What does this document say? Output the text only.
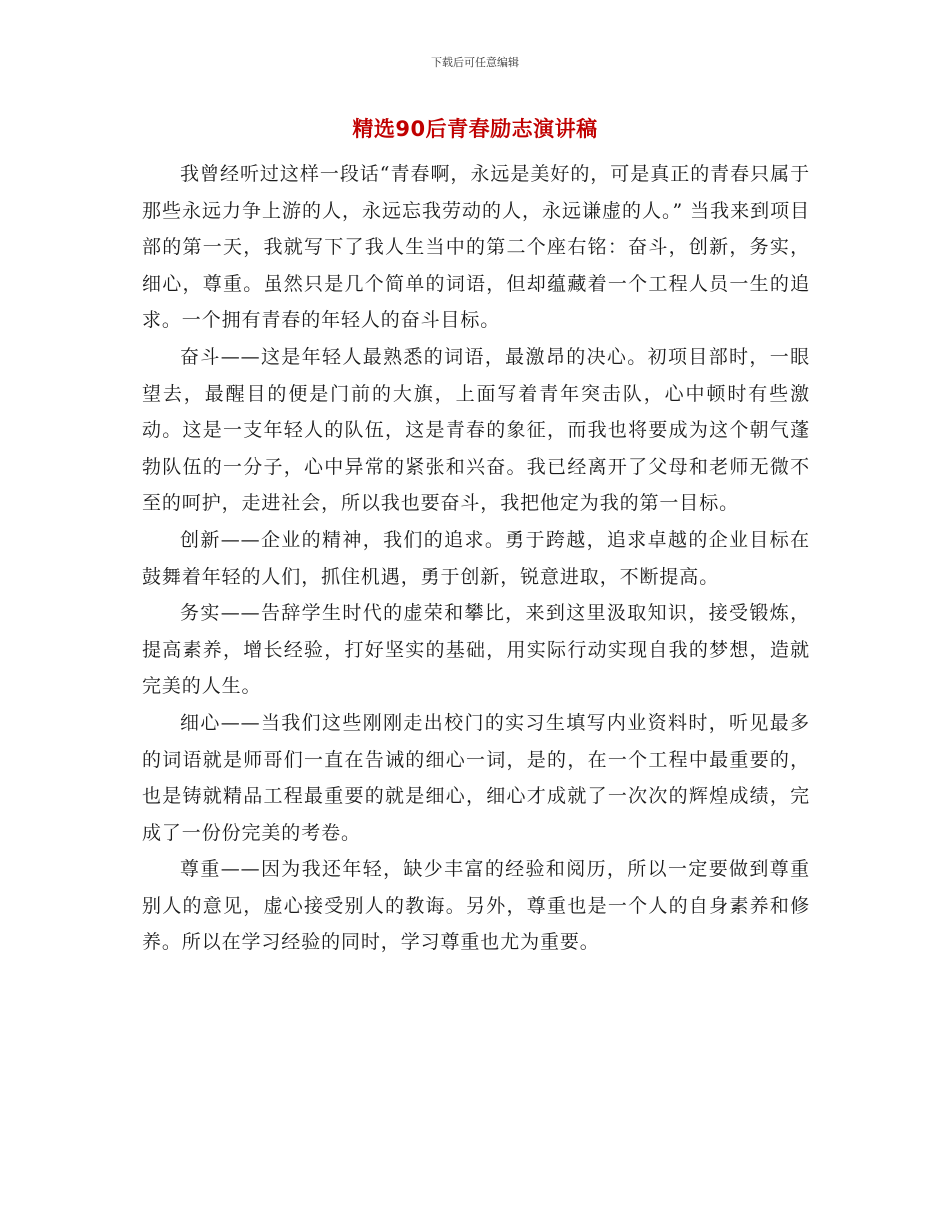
下载后可任意编辑
精选90后青春励志演讲稿

我曾经听过这样一段话“青春啊，永远是美好的，可是真正的青春只属于那些永远力争上游的人，永远忘我劳动的人，永远谦虚的人。” 当我来到项目部的第一天，我就写下了我人生当中的第二个座右铭：奋斗，创新，务实，细心，尊重。虽然只是几个简单的词语，但却蕴藏着一个工程人员一生的追求。一个拥有青春的年轻人的奋斗目标。

奋斗——这是年轻人最熟悉的词语，最激昂的决心。初项目部时，一眼望去，最醒目的便是门前的大旗，上面写着青年突击队，心中顿时有些激动。这是一支年轻人的队伍，这是青春的象征，而我也将要成为这个朝气蓬勃队伍的一分子，心中异常的紧张和兴奋。我已经离开了父母和老师无微不至的呵护，走进社会，所以我也要奋斗，我把他定为我的第一目标。

创新——企业的精神，我们的追求。勇于跨越，追求卓越的企业目标在鼓舞着年轻的人们，抓住机遇，勇于创新，锐意进取，不断提高。

务实——告辞学生时代的虚荣和攀比，来到这里汲取知识，接受锻炼，提高素养，增长经验，打好坚实的基础，用实际行动实现自我的梦想，造就完美的人生。

细心——当我们这些刚刚走出校门的实习生填写内业资料时，听见最多的词语就是师哥们一直在告诫的细心一词，是的，在一个工程中最重要的，也是铸就精品工程最重要的就是细心，细心才成就了一次次的辉煌成绩，完成了一份份完美的考卷。

尊重——因为我还年轻，缺少丰富的经验和阅历，所以一定要做到尊重别人的意见，虚心接受别人的教诲。另外，尊重也是一个人的自身素养和修养。所以在学习经验的同时，学习尊重也尤为重要。
